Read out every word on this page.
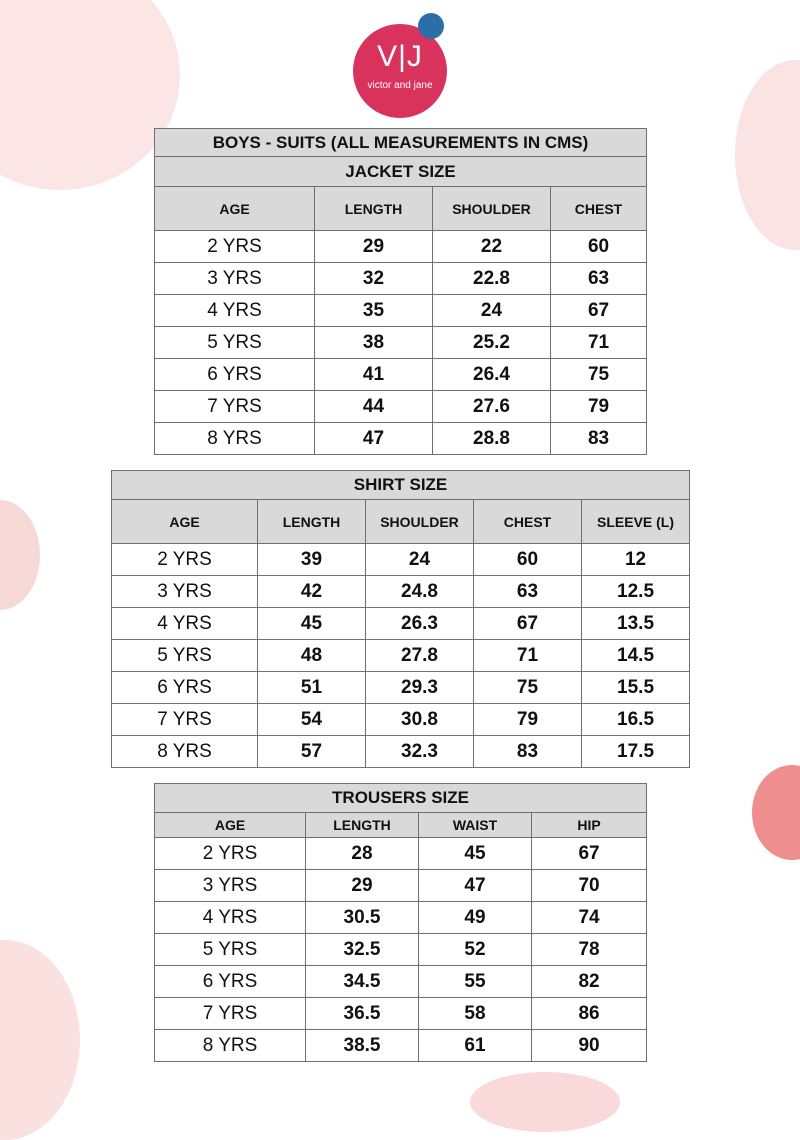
V|J
victor and jane
BOYS - SUITS (ALL MEASUREMENTS IN CMS)			
JACKET SIZE			
AGE	LENGTH	SHOULDER	CHEST
2 YRS	29	22	60
3 YRS	32	22.8	63
4 YRS	35	24	67
5 YRS	38	25.2	71
6 YRS	41	26.4	75
7 YRS	44	27.6	79
8 YRS	47	28.8	83
SHIRT SIZE				
AGE	LENGTH	SHOULDER	CHEST	SLEEVE (L)
2 YRS	39	24	60	12
3 YRS	42	24.8	63	12.5
4 YRS	45	26.3	67	13.5
5 YRS	48	27.8	71	14.5
6 YRS	51	29.3	75	15.5
7 YRS	54	30.8	79	16.5
8 YRS	57	32.3	83	17.5
TROUSERS SIZE			
AGE	LENGTH	WAIST	HIP
2 YRS	28	45	67
3 YRS	29	47	70
4 YRS	30.5	49	74
5 YRS	32.5	52	78
6 YRS	34.5	55	82
7 YRS	36.5	58	86
8 YRS	38.5	61	90
